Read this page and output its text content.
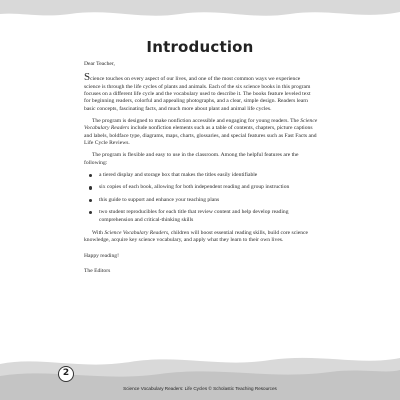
Introduction

Dear Teacher,

Science touches on every aspect of our lives, and one of the most common ways we experience science is through the life cycles of plants and animals. Each of the six science books in this program focuses on a different life cycle and the vocabulary used to describe it. The books feature leveled text for beginning readers, colorful and appealing photographs, and a clear, simple design. Readers learn basic concepts, fascinating facts, and much more about plant and animal life cycles.

The program is designed to make nonfiction accessible and engaging for young readers. The Science Vocabulary Readers include nonfiction elements such as a table of contents, chapters, picture captions and labels, boldface type, diagrams, maps, charts, glossaries, and special features such as Fast Facts and Life Cycle Reviews.

The program is flexible and easy to use in the classroom. Among the helpful features are the following:

a tiered display and storage box that makes the titles easily identifiable
six copies of each book, allowing for both independent reading and group instruction
this guide to support and enhance your teaching plans
two student reproducibles for each title that review content and help develop reading comprehension and critical-thinking skills

With Science Vocabulary Readers, children will boost essential reading skills, build core science knowledge, acquire key science vocabulary, and apply what they learn to their own lives.

Happy reading!

The Editors

2
Science Vocabulary Readers: Life Cycles © Scholastic Teaching Resources
